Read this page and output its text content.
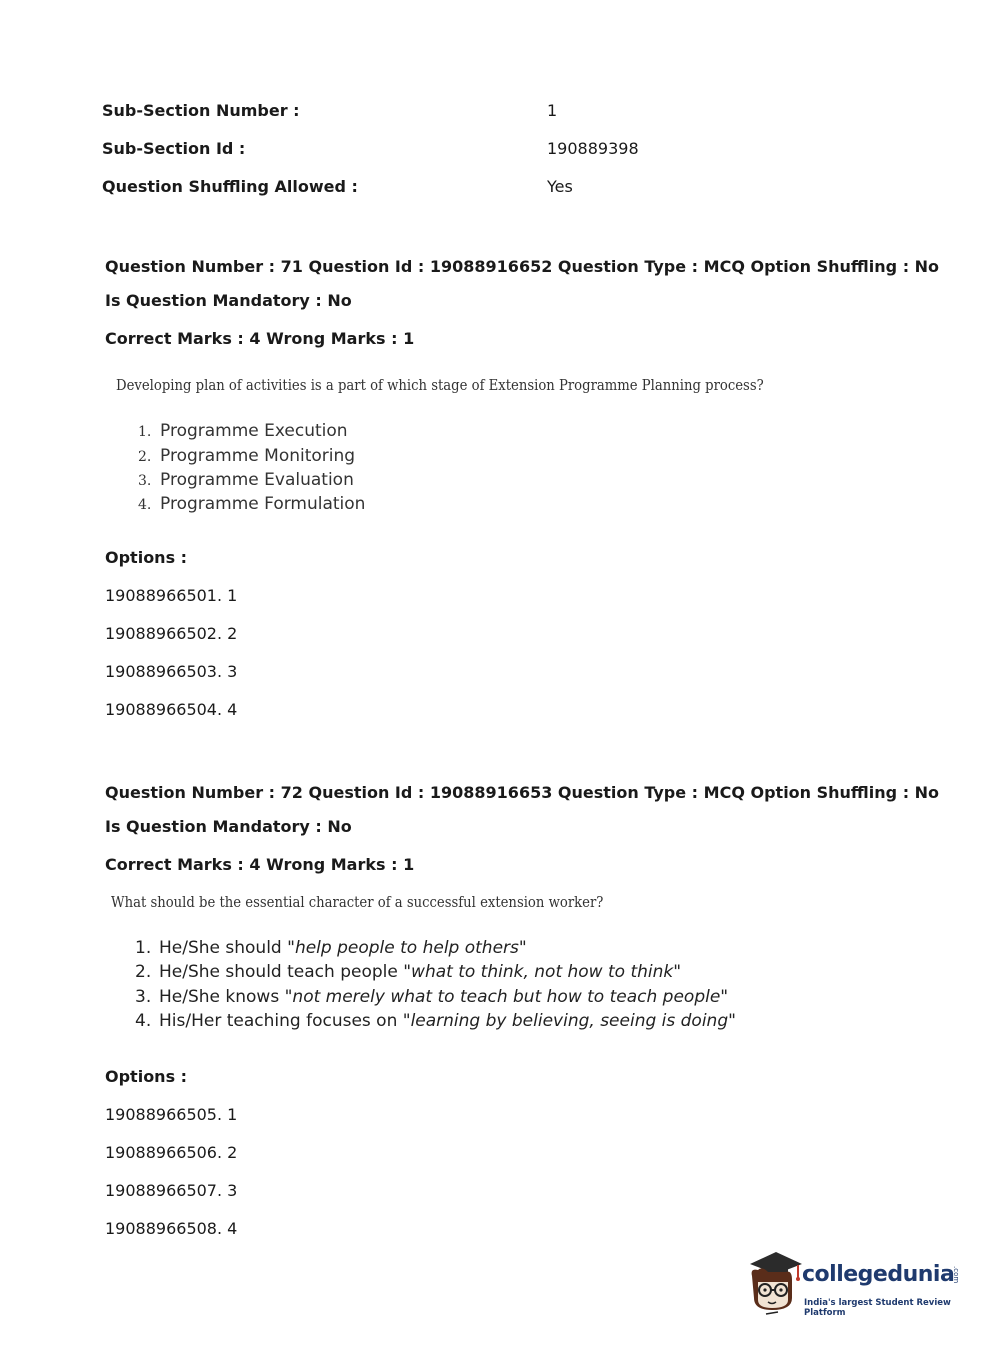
Sub-Section Number :	1
Sub-Section Id :	190889398
Question Shuffling Allowed :	Yes
Question Number : 71 Question Id : 19088916652 Question Type : MCQ Option Shuffling : No
Is Question Mandatory : No
Correct Marks : 4 Wrong Marks : 1
Developing plan of activities is a part of which stage of Extension Programme Planning process?
1. Programme Execution
2. Programme Monitoring
3. Programme Evaluation
4. Programme Formulation
Options :
19088966501. 1
19088966502. 2
19088966503. 3
19088966504. 4
Question Number : 72 Question Id : 19088916653 Question Type : MCQ Option Shuffling : No
Is Question Mandatory : No
Correct Marks : 4 Wrong Marks : 1
What should be the essential character of a successful extension worker?
1. He/She should "help people to help others"
2. He/She should teach people "what to think, not how to think"
3. He/She knows "not merely what to teach but how to teach people"
4. His/Her teaching focuses on "learning by believing, seeing is doing"
Options :
19088966505. 1
19088966506. 2
19088966507. 3
19088966508. 4
collegedunia
.com
India's largest Student Review Platform
